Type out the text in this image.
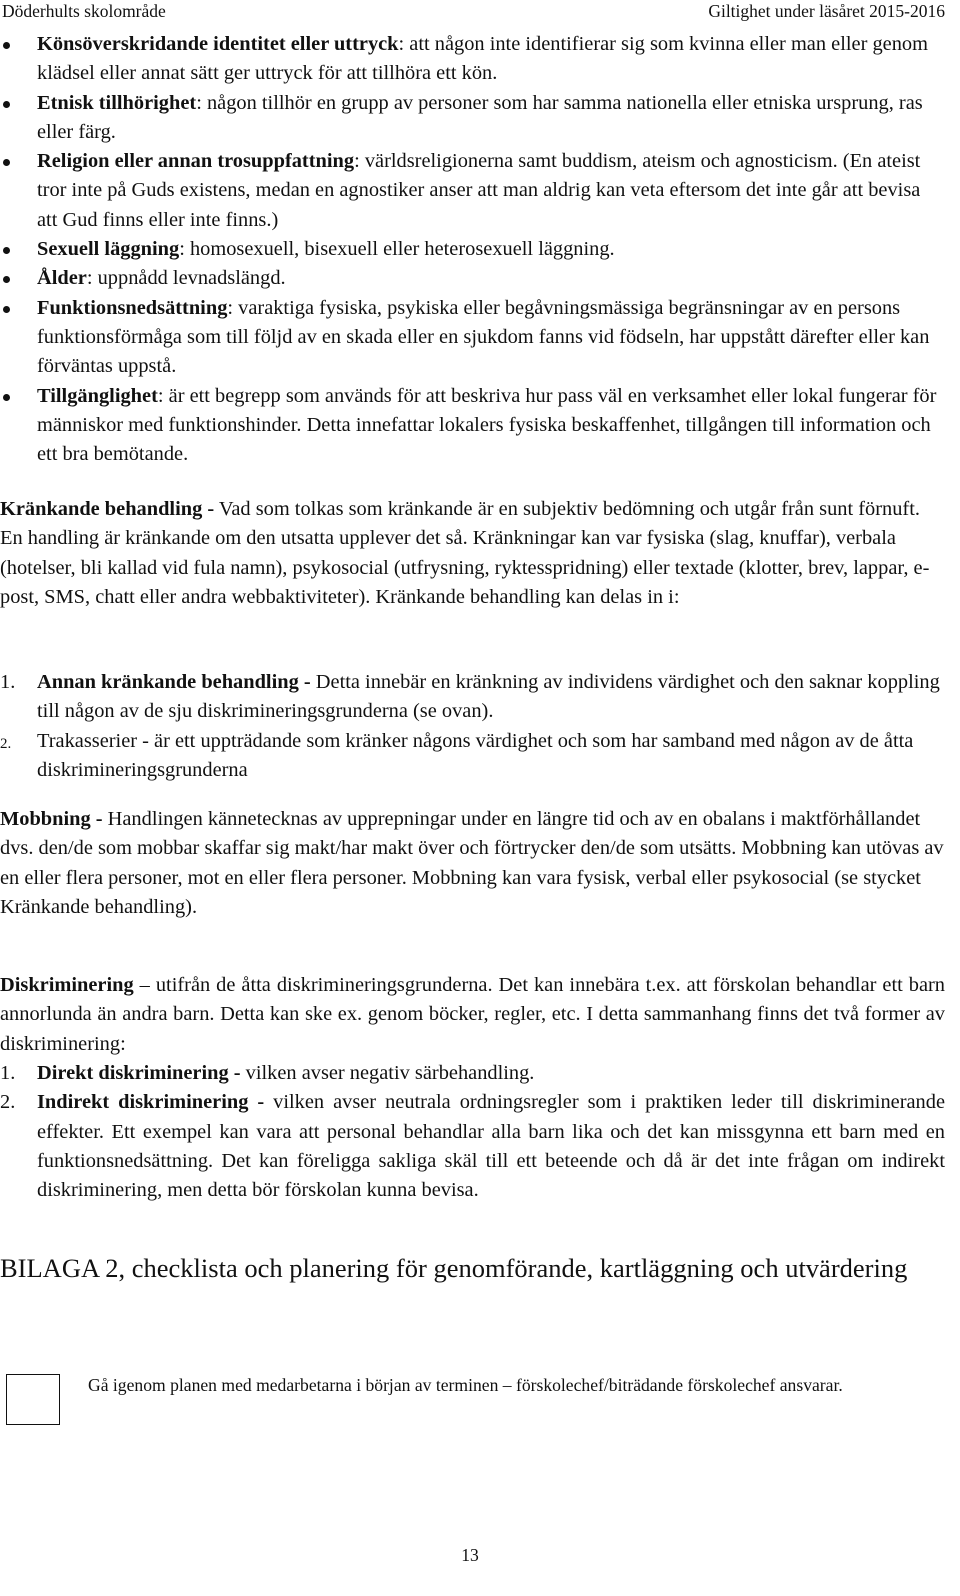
Döderhults skolområde	Giltighet under läsåret 2015-2016
Könsöverskridande identitet eller uttryck: att någon inte identifierar sig som kvinna eller man eller genom klädsel eller annat sätt ger uttryck för att tillhöra ett kön.
Etnisk tillhörighet: någon tillhör en grupp av personer som har samma nationella eller etniska ursprung, ras eller färg.
Religion eller annan trosuppfattning: världsreligionerna samt buddism, ateism och agnosticism. (En ateist tror inte på Guds existens, medan en agnostiker anser att man aldrig kan veta eftersom det inte går att bevisa att Gud finns eller inte finns.)
Sexuell läggning: homosexuell, bisexuell eller heterosexuell läggning.
Ålder: uppnådd levnadslängd.
Funktionsnedsättning: varaktiga fysiska, psykiska eller begåvningsmässiga begränsningar av en persons funktionsförmåga som till följd av en skada eller en sjukdom fanns vid födseln, har uppstått därefter eller kan förväntas uppstå.
Tillgänglighet: är ett begrepp som används för att beskriva hur pass väl en verksamhet eller lokal fungerar för människor med funktionshinder. Detta innefattar lokalers fysiska beskaffenhet, tillgången till information och ett bra bemötande.

Kränkande behandling - Vad som tolkas som kränkande är en subjektiv bedömning och utgår från sunt förnuft. En handling är kränkande om den utsatta upplever det så. Kränkningar kan var fysiska (slag, knuffar), verbala (hotelser, bli kallad vid fula namn), psykosocial (utfrysning, ryktesspridning) eller textade (klotter, brev, lappar, e-post, SMS, chatt eller andra webbaktiviteter). Kränkande behandling kan delas in i:

1. Annan kränkande behandling - Detta innebär en kränkning av individens värdighet och den saknar koppling till någon av de sju diskrimineringsgrunderna (se ovan).
2. Trakasserier - är ett uppträdande som kränker någons värdighet och som har samband med någon av de åtta diskrimineringsgrunderna

Mobbning - Handlingen kännetecknas av upprepningar under en längre tid och av en obalans i maktförhållandet dvs. den/de som mobbar skaffar sig makt/har makt över och förtrycker den/de som utsätts. Mobbning kan utövas av en eller flera personer, mot en eller flera personer. Mobbning kan vara fysisk, verbal eller psykosocial (se stycket Kränkande behandling).

Diskriminering – utifrån de åtta diskrimineringsgrunderna. Det kan innebära t.ex. att förskolan behandlar ett barn annorlunda än andra barn. Detta kan ske ex. genom böcker, regler, etc. I detta sammanhang finns det två former av diskriminering:

1. Direkt diskriminering - vilken avser negativ särbehandling.
2. Indirekt diskriminering - vilken avser neutrala ordningsregler som i praktiken leder till diskriminerande effekter. Ett exempel kan vara att personal behandlar alla barn lika och det kan missgynna ett barn med en funktionsnedsättning. Det kan föreligga sakliga skäl till ett beteende och då är det inte frågan om indirekt diskriminering, men detta bör förskolan kunna bevisa.
BILAGA 2, checklista och planering för genomförande, kartläggning och utvärdering
Gå igenom planen med medarbetarna i början av terminen – förskolechef/biträdande förskolechef ansvarar.
13
